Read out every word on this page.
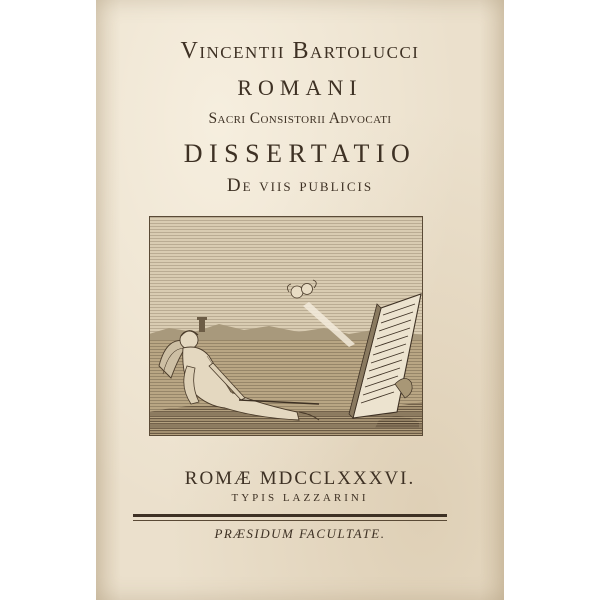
Vincentii Bartolucci

ROMANI

Sacri Consistorii Advocati

DISSERTATIO

De viis publicis

ROMÆ MDCCLXXXVI.

TYPIS LAZZARINI

PRÆSIDUM FACULTATE.
